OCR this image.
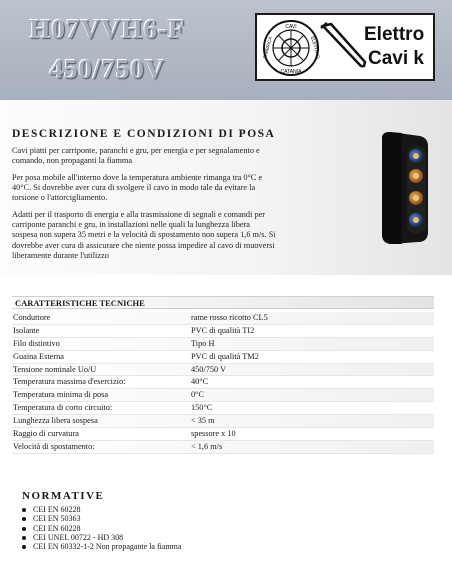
H07VVH6-F
450/750V
CAVI
FABBRICA	ELETTRICI
CATANIA
Elettro
Cavi k
DESCRIZIONE E CONDIZIONI DI POSA
Cavi piatti per carriponte, paranchi e gru, per energia e per segnalamento e comando, non propaganti la fiamma
Per posa mobile all'interno dove la temperatura ambiente rimanga tra 0°C e 40°C. Si dovrebbe aver cura di svolgere il cavo in modo tale da evitare la torsione o l'attorcigliamento.
Adatti per il trasporto di energia e alla trasmissione di segnali e comandi per carriponte paranchi e gru, in installazioni nelle quali la lunghezza libera sospesa non supera 35 metri e la velocità di spostamento non supera 1,6 m/s. Si dovrebbe aver cura di assicurare che niente possa impedire al cavo di muoversi liberamente durante l'utilizzo
CARATTERISTICHE TECNICHE
Conduttore	rame rosso ricotto CL5
Isolante	PVC di qualità TI2
Filo distintivo	Tipo H
Guaina Esterna	PVC di qualità TM2
Tensione nominale Uo/U	450/750 V
Temperatura massima d'esercizio:	40°C
Temperatura minima di posa	0°C
Temperatura di corto circuito:	150°C
Lunghezza libera sospesa	< 35 m
Raggio di curvatura	spessore x 10
Velocità di spostamento:	< 1,6 m/s
NORMATIVE
CEI EN 60228
CEI EN 50363
CEI EN 60228
CEI UNEL 00722 - HD 308
CEI EN 60332-1-2 Non propagante la fiamma
